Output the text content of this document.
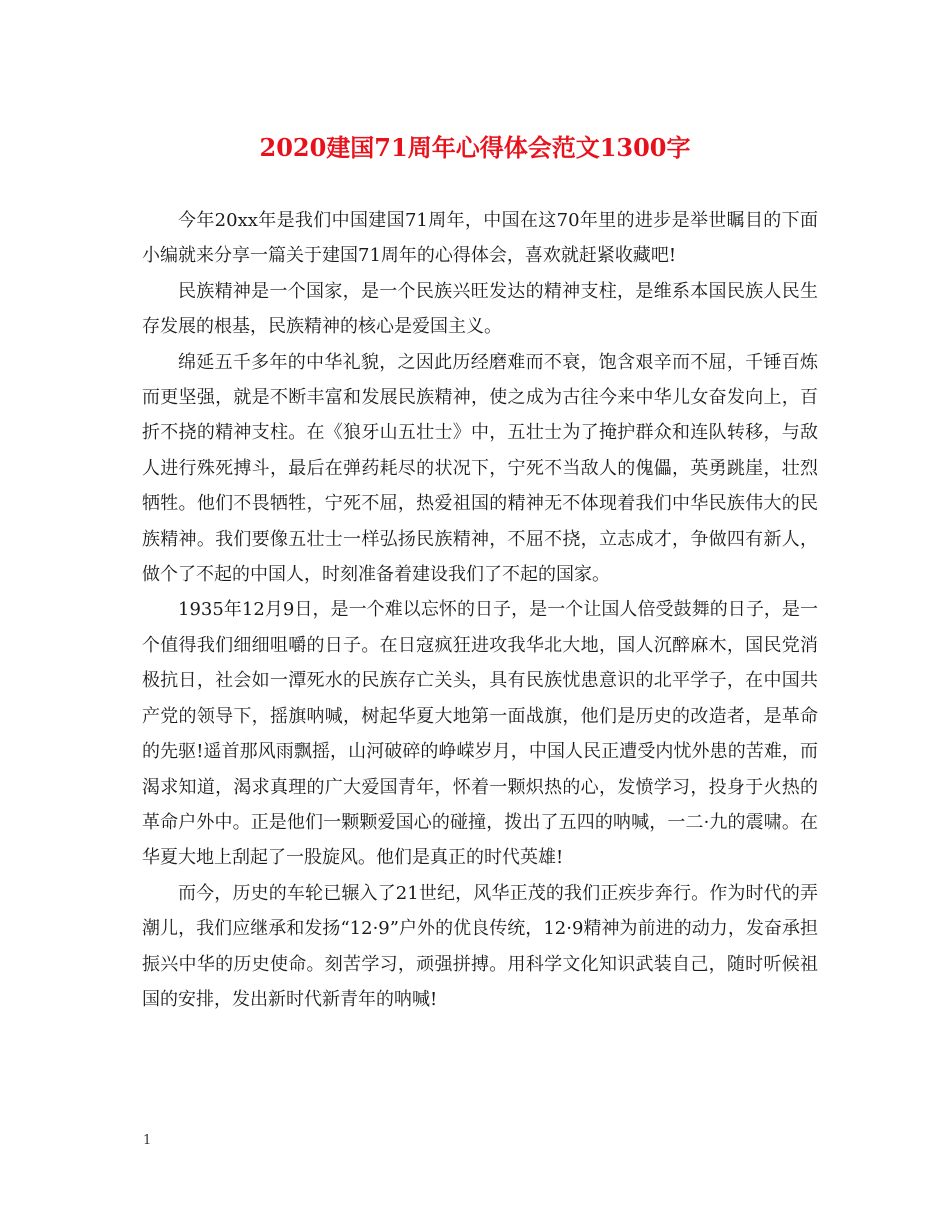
2020建国71周年心得体会范文1300字

今年20xx年是我们中国建国71周年，中国在这70年里的进步是举世瞩目的下面小编就来分享一篇关于建国71周年的心得体会，喜欢就赶紧收藏吧!

民族精神是一个国家，是一个民族兴旺发达的精神支柱，是维系本国民族人民生存发展的根基，民族精神的核心是爱国主义。

绵延五千多年的中华礼貌，之因此历经磨难而不衰，饱含艰辛而不屈，千锤百炼而更坚强，就是不断丰富和发展民族精神，使之成为古往今来中华儿女奋发向上，百折不挠的精神支柱。在《狼牙山五壮士》中，五壮士为了掩护群众和连队转移，与敌人进行殊死搏斗，最后在弹药耗尽的状况下，宁死不当敌人的傀儡，英勇跳崖，壮烈牺牲。他们不畏牺牲，宁死不屈，热爱祖国的精神无不体现着我们中华民族伟大的民族精神。我们要像五壮士一样弘扬民族精神，不屈不挠，立志成才，争做四有新人，做个了不起的中国人，时刻准备着建设我们了不起的国家。

1935年12月9日，是一个难以忘怀的日子，是一个让国人倍受鼓舞的日子，是一个值得我们细细咀嚼的日子。在日寇疯狂进攻我华北大地，国人沉醉麻木，国民党消极抗日，社会如一潭死水的民族存亡关头，具有民族忧患意识的北平学子，在中国共产党的领导下，摇旗呐喊，树起华夏大地第一面战旗，他们是历史的改造者，是革命的先驱!遥首那风雨飘摇，山河破碎的峥嵘岁月，中国人民正遭受内忧外患的苦难，而渴求知道，渴求真理的广大爱国青年，怀着一颗炽热的心，发愤学习，投身于火热的革命户外中。正是他们一颗颗爱国心的碰撞，拨出了五四的呐喊，一二·九的震啸。在华夏大地上刮起了一股旋风。他们是真正的时代英雄!

而今，历史的车轮已辗入了21世纪，风华正茂的我们正疾步奔行。作为时代的弄潮儿，我们应继承和发扬“12·9”户外的优良传统，12·9精神为前进的动力，发奋承担振兴中华的历史使命。刻苦学习，顽强拼搏。用科学文化知识武装自己，随时听候祖国的安排，发出新时代新青年的呐喊!

1
